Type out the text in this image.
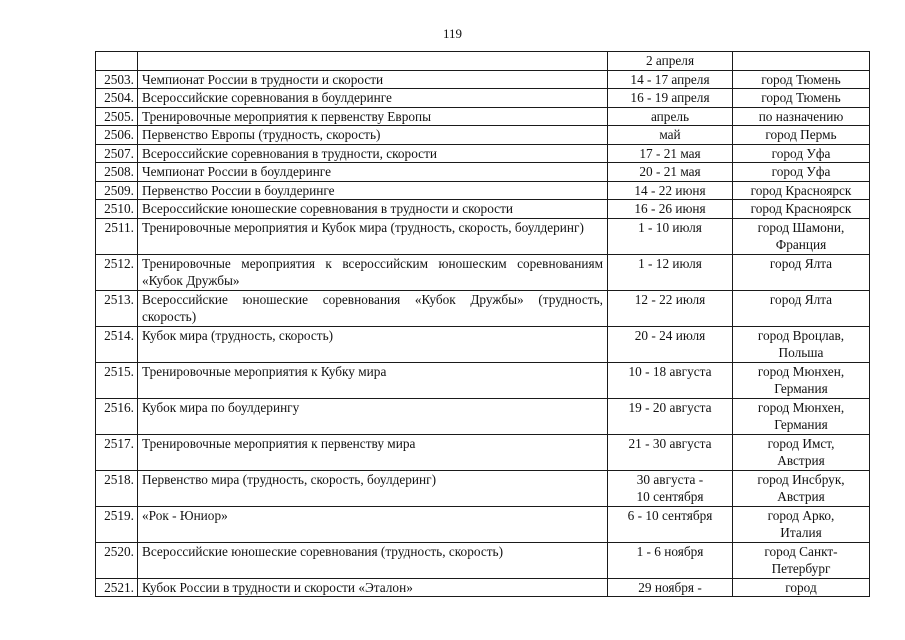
119
		2 апреля	
2503.	Чемпионат России в трудности и скорости	14 - 17 апреля	город Тюмень
2504.	Всероссийские соревнования в боулдеринге	16 - 19 апреля	город Тюмень
2505.	Тренировочные мероприятия к первенству Европы	апрель	по назначению
2506.	Первенство Европы (трудность, скорость)	май	город Пермь
2507.	Всероссийские соревнования в трудности, скорости	17 - 21 мая	город Уфа
2508.	Чемпионат России в боулдеринге	20 - 21 мая	город Уфа
2509.	Первенство России в боулдеринге	14 - 22 июня	город Красноярск
2510.	Всероссийские юношеские соревнования в трудности и скорости	16 - 26 июня	город Красноярск
2511.	Тренировочные мероприятия и Кубок мира (трудность, скорость, боулдеринг)	1 - 10 июля	город Шамони,
Франция
2512.	Тренировочные мероприятия к всероссийским юношеским соревнованиям «Кубок Дружбы»	1 - 12 июля	город Ялта
2513.	Всероссийские юношеские соревнования «Кубок Дружбы» (трудность, скорость)	12 - 22 июля	город Ялта
2514.	Кубок мира (трудность, скорость)	20 - 24 июля	город Вроцлав,
Польша
2515.	Тренировочные мероприятия к Кубку мира	10 - 18 августа	город Мюнхен,
Германия
2516.	Кубок мира по боулдерингу	19 - 20 августа	город Мюнхен,
Германия
2517.	Тренировочные мероприятия к первенству мира	21 - 30 августа	город Имст,
Австрия
2518.	Первенство мира (трудность, скорость, боулдеринг)	30 августа -
10 сентября	город Инсбрук,
Австрия
2519.	«Рок - Юниор»	6 - 10 сентября	город Арко,
Италия
2520.	Всероссийские юношеские соревнования (трудность, скорость)	1 - 6 ноября	город Санкт-
Петербург
2521.	Кубок России в трудности и скорости «Эталон»	29 ноября -	город
